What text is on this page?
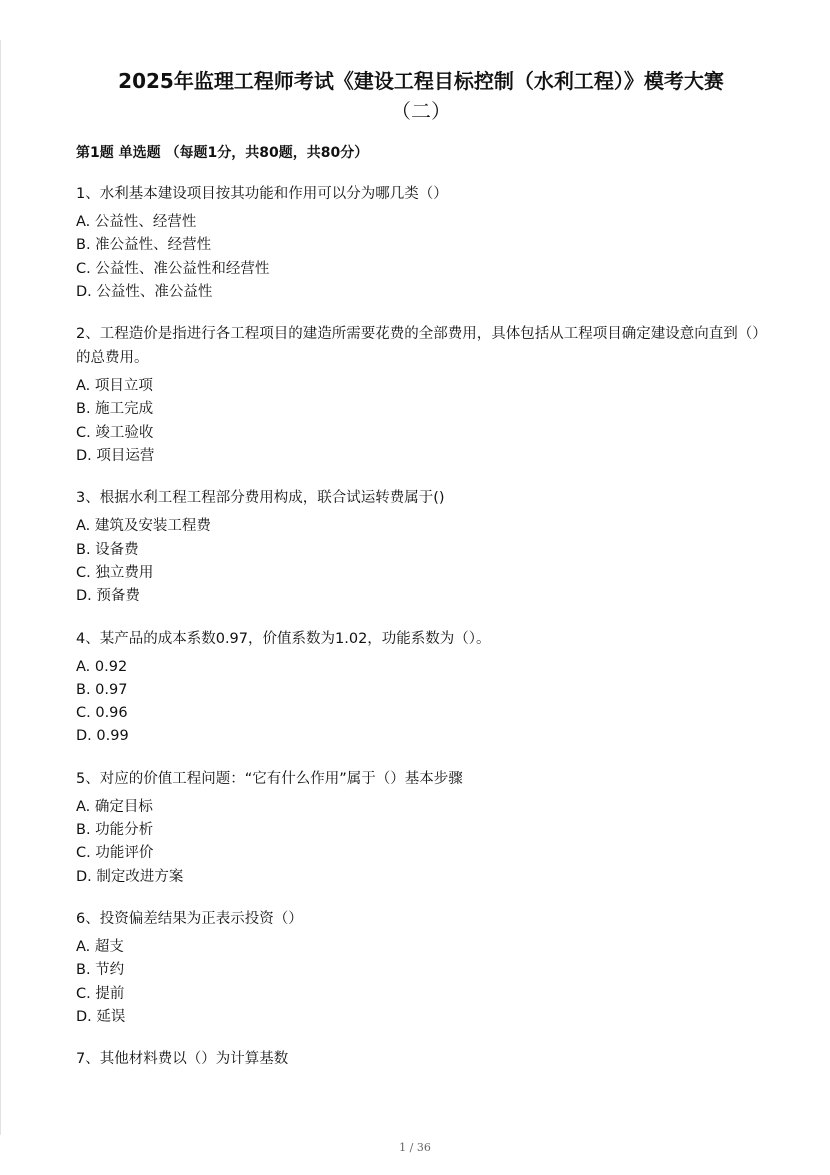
2025年监理工程师考试《建设工程目标控制（水利工程）》模考大赛
（二）
第1题 单选题 （每题1分，共80题，共80分）
1、水利基本建设项目按其功能和作用可以分为哪几类（）
A. 公益性、经营性
B. 准公益性、经营性
C. 公益性、准公益性和经营性
D. 公益性、准公益性
2、工程造价是指进行各工程项目的建造所需要花费的全部费用，具体包括从工程项目确定建设意向直到（）的总费用。
A. 项目立项
B. 施工完成
C. 竣工验收
D. 项目运营
3、根据水利工程工程部分费用构成，联合试运转费属于()
A. 建筑及安装工程费
B. 设备费
C. 独立费用
D. 预备费
4、某产品的成本系数0.97，价值系数为1.02，功能系数为（）。
A. 0.92
B. 0.97
C. 0.96
D. 0.99
5、对应的价值工程问题：“它有什么作用”属于（）基本步骤
A. 确定目标
B. 功能分析
C. 功能评价
D. 制定改进方案
6、投资偏差结果为正表示投资（）
A. 超支
B. 节约
C. 提前
D. 延误
7、其他材料费以（）为计算基数
1 / 36
